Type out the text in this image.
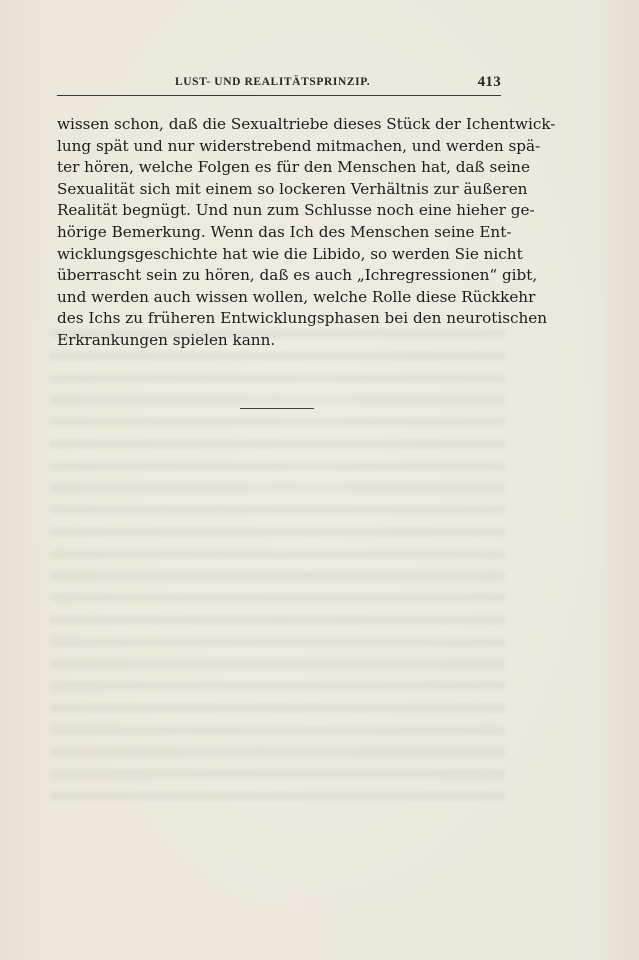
LUST- UND REALITÄTSPRINZIP.	413
wissen schon, daß die Sexualtriebe dieses Stück der Ichentwick-
lung spät und nur widerstrebend mitmachen, und werden spä-
ter hören, welche Folgen es für den Menschen hat, daß seine
Sexualität sich mit einem so lockeren Verhältnis zur äußeren
Realität begnügt. Und nun zum Schlusse noch eine hieher ge-
hörige Bemerkung. Wenn das Ich des Menschen seine Ent-
wicklungsgeschichte hat wie die Libido, so werden Sie nicht
überrascht sein zu hören, daß es auch „Ichregressionen“ gibt,
und werden auch wissen wollen, welche Rolle diese Rückkehr
des Ichs zu früheren Entwicklungsphasen bei den neurotischen
Erkrankungen spielen kann.
